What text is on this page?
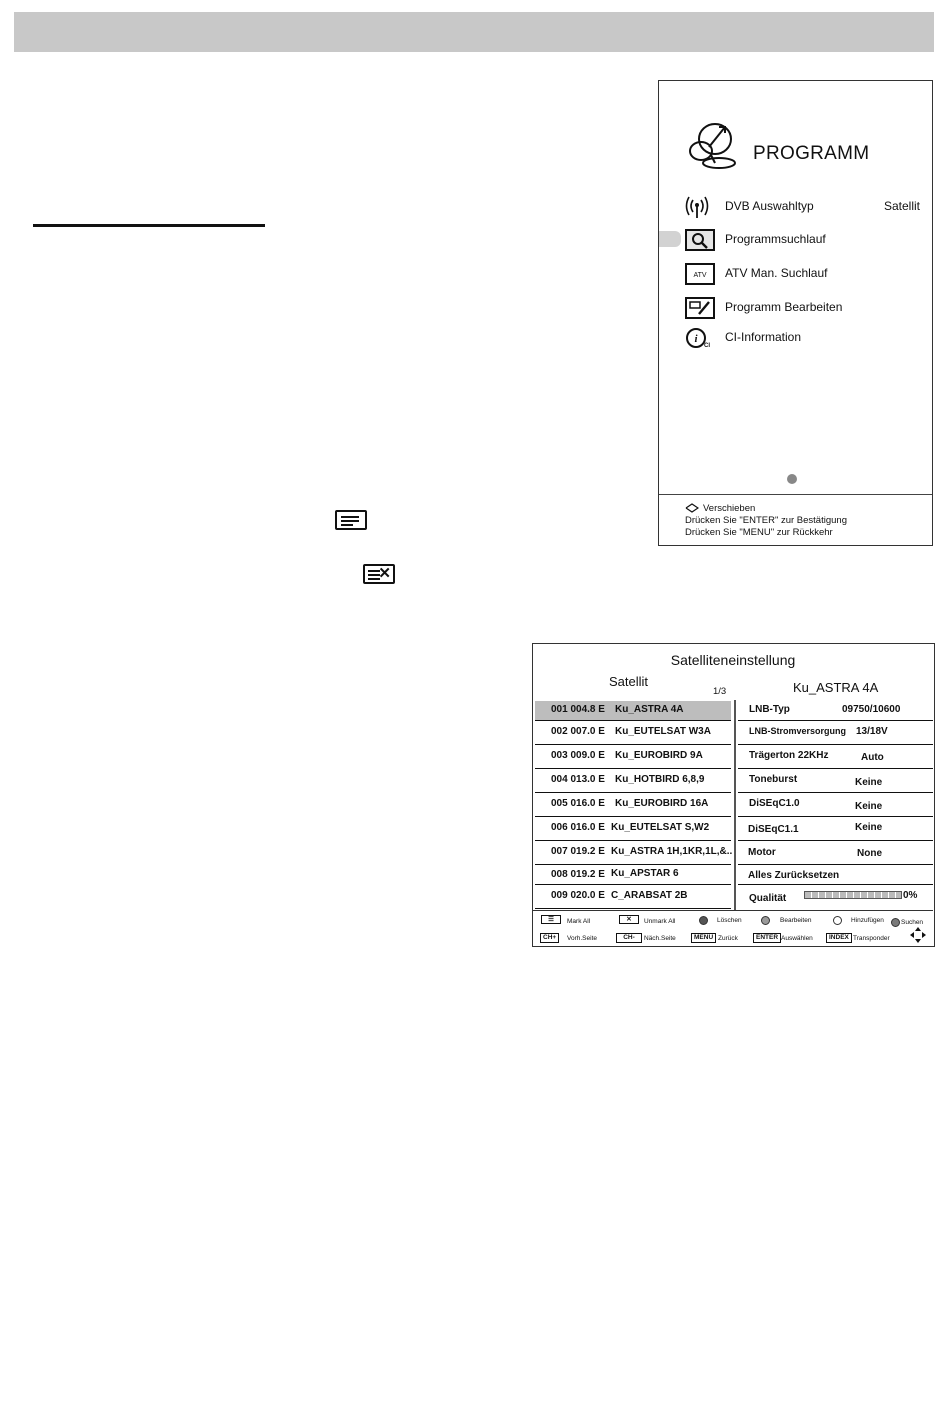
✕
PROGRAMM
DVB Auswahltyp	Satellit
Programmsuchlauf
ATV ATV Man. Suchlauf
Programm Bearbeiten
i
CI
CI-Information
Verschieben
Drücken Sie "ENTER" zur Bestätigung
Drücken Sie "MENU" zur Rückkehr
Satelliteneinstellung
Satellit
1/3	Ku_ASTRA 4A
001 004.8 E Ku_ASTRA 4A
002 007.0 E Ku_EUTELSAT W3A
003 009.0 E Ku_EUROBIRD 9A
004 013.0 E Ku_HOTBIRD 6,8,9
005 016.0 E Ku_EUROBIRD 16A
006 016.0 E Ku_EUTELSAT S,W2
007 019.2 E Ku_ASTRA 1H,1KR,1L,&..
008 019.2 E Ku_APSTAR 6
009 020.0 E C_ARABSAT 2B
LNB-Typ	09750/10600
LNB-Stromversorgung 13/18V
Trägerton 22KHz	Auto
Toneburst	Keine
DiSEqC1.0	Keine
DiSEqC1.1	Keine
Motor	None
Alles Zurücksetzen
Qualität	0%
☰	Mark All	✕	Unmark All	Löschen	Bearbeiten	Hinzufügen	Suchen
CH+	Vorh.Seite	CH-	Näch.Seite	MENU Zurück	ENTER Auswählen	INDEX Transponder
